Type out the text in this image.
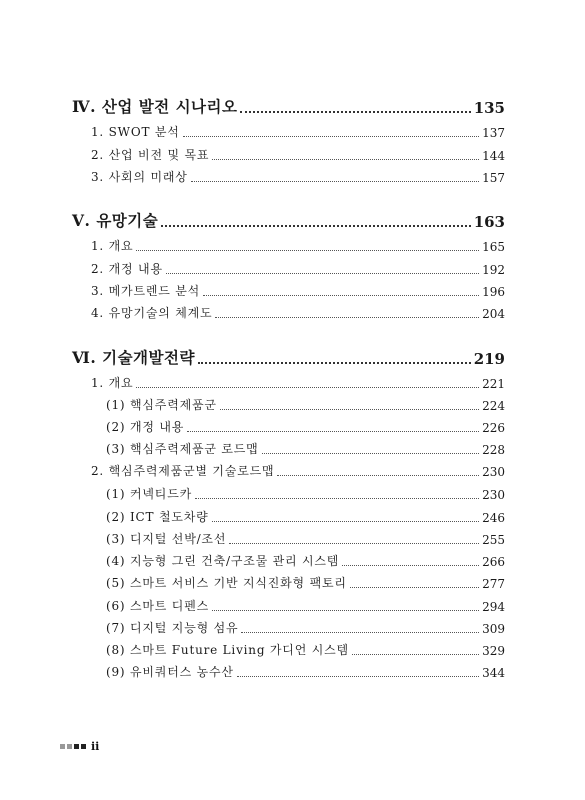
Ⅳ. 산업 발전 시나리오	135
1. SWOT 분석	137
2. 산업 비전 및 목표	144
3. 사회의 미래상	157
Ⅴ. 유망기술	163
1. 개요	165
2. 개정 내용	192
3. 메가트렌드 분석	196
4. 유망기술의 체계도	204
Ⅵ. 기술개발전략	219
1. 개요	221
(1) 핵심주력제품군	224
(2) 개정 내용	226
(3) 핵심주력제품군 로드맵	228
2. 핵심주력제품군별 기술로드맵	230
(1) 커넥티드카	230
(2) ICT 철도차량	246
(3) 디지털 선박/조선	255
(4) 지능형 그린 건축/구조물 관리 시스템	266
(5) 스마트 서비스 기반 지식진화형 팩토리	277
(6) 스마트 디펜스	294
(7) 디지털 지능형 섬유	309
(8) 스마트 Future Living 가디언 시스템	329
(9) 유비쿼터스 농수산	344
ii
